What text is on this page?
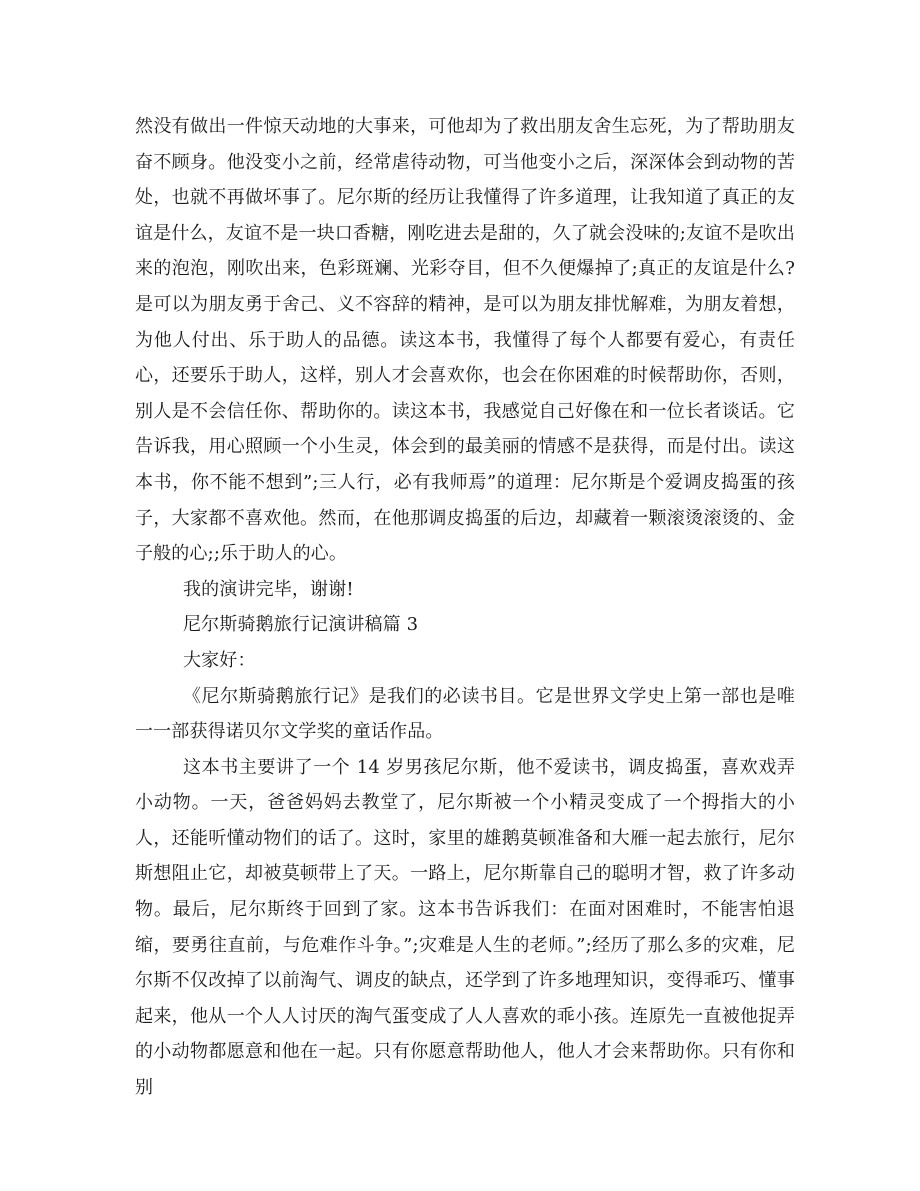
然没有做出一件惊天动地的大事来，可他却为了救出朋友舍生忘死，为了帮助朋友奋不顾身。他没变小之前，经常虐待动物，可当他变小之后，深深体会到动物的苦处，也就不再做坏事了。尼尔斯的经历让我懂得了许多道理，让我知道了真正的友谊是什么，友谊不是一块口香糖，刚吃进去是甜的，久了就会没味的;友谊不是吹出来的泡泡，刚吹出来，色彩斑斓、光彩夺目，但不久便爆掉了;真正的友谊是什么?是可以为朋友勇于舍己、义不容辞的精神，是可以为朋友排忧解难，为朋友着想，为他人付出、乐于助人的品德。读这本书，我懂得了每个人都要有爱心，有责任心，还要乐于助人，这样，别人才会喜欢你，也会在你困难的时候帮助你，否则，别人是不会信任你、帮助你的。读这本书，我感觉自己好像在和一位长者谈话。它告诉我，用心照顾一个小生灵，体会到的最美丽的情感不是获得，而是付出。读这本书，你不能不想到”;三人行，必有我师焉”的道理：尼尔斯是个爱调皮捣蛋的孩子，大家都不喜欢他。然而，在他那调皮捣蛋的后边，却藏着一颗滚烫滚烫的、金子般的心;;乐于助人的心。

我的演讲完毕，谢谢!

尼尔斯骑鹅旅行记演讲稿篇 3

大家好：

《尼尔斯骑鹅旅行记》是我们的必读书目。它是世界文学史上第一部也是唯一一部获得诺贝尔文学奖的童话作品。

这本书主要讲了一个 14 岁男孩尼尔斯，他不爱读书，调皮捣蛋，喜欢戏弄小动物。一天，爸爸妈妈去教堂了，尼尔斯被一个小精灵变成了一个拇指大的小人，还能听懂动物们的话了。这时，家里的雄鹅莫顿准备和大雁一起去旅行，尼尔斯想阻止它，却被莫顿带上了天。一路上，尼尔斯靠自己的聪明才智，救了许多动物。最后，尼尔斯终于回到了家。这本书告诉我们：在面对困难时，不能害怕退缩，要勇往直前，与危难作斗争。”;灾难是人生的老师。”;经历了那么多的灾难，尼尔斯不仅改掉了以前淘气、调皮的缺点，还学到了许多地理知识，变得乖巧、懂事起来，他从一个人人讨厌的淘气蛋变成了人人喜欢的乖小孩。连原先一直被他捉弄的小动物都愿意和他在一起。只有你愿意帮助他人，他人才会来帮助你。只有你和别
